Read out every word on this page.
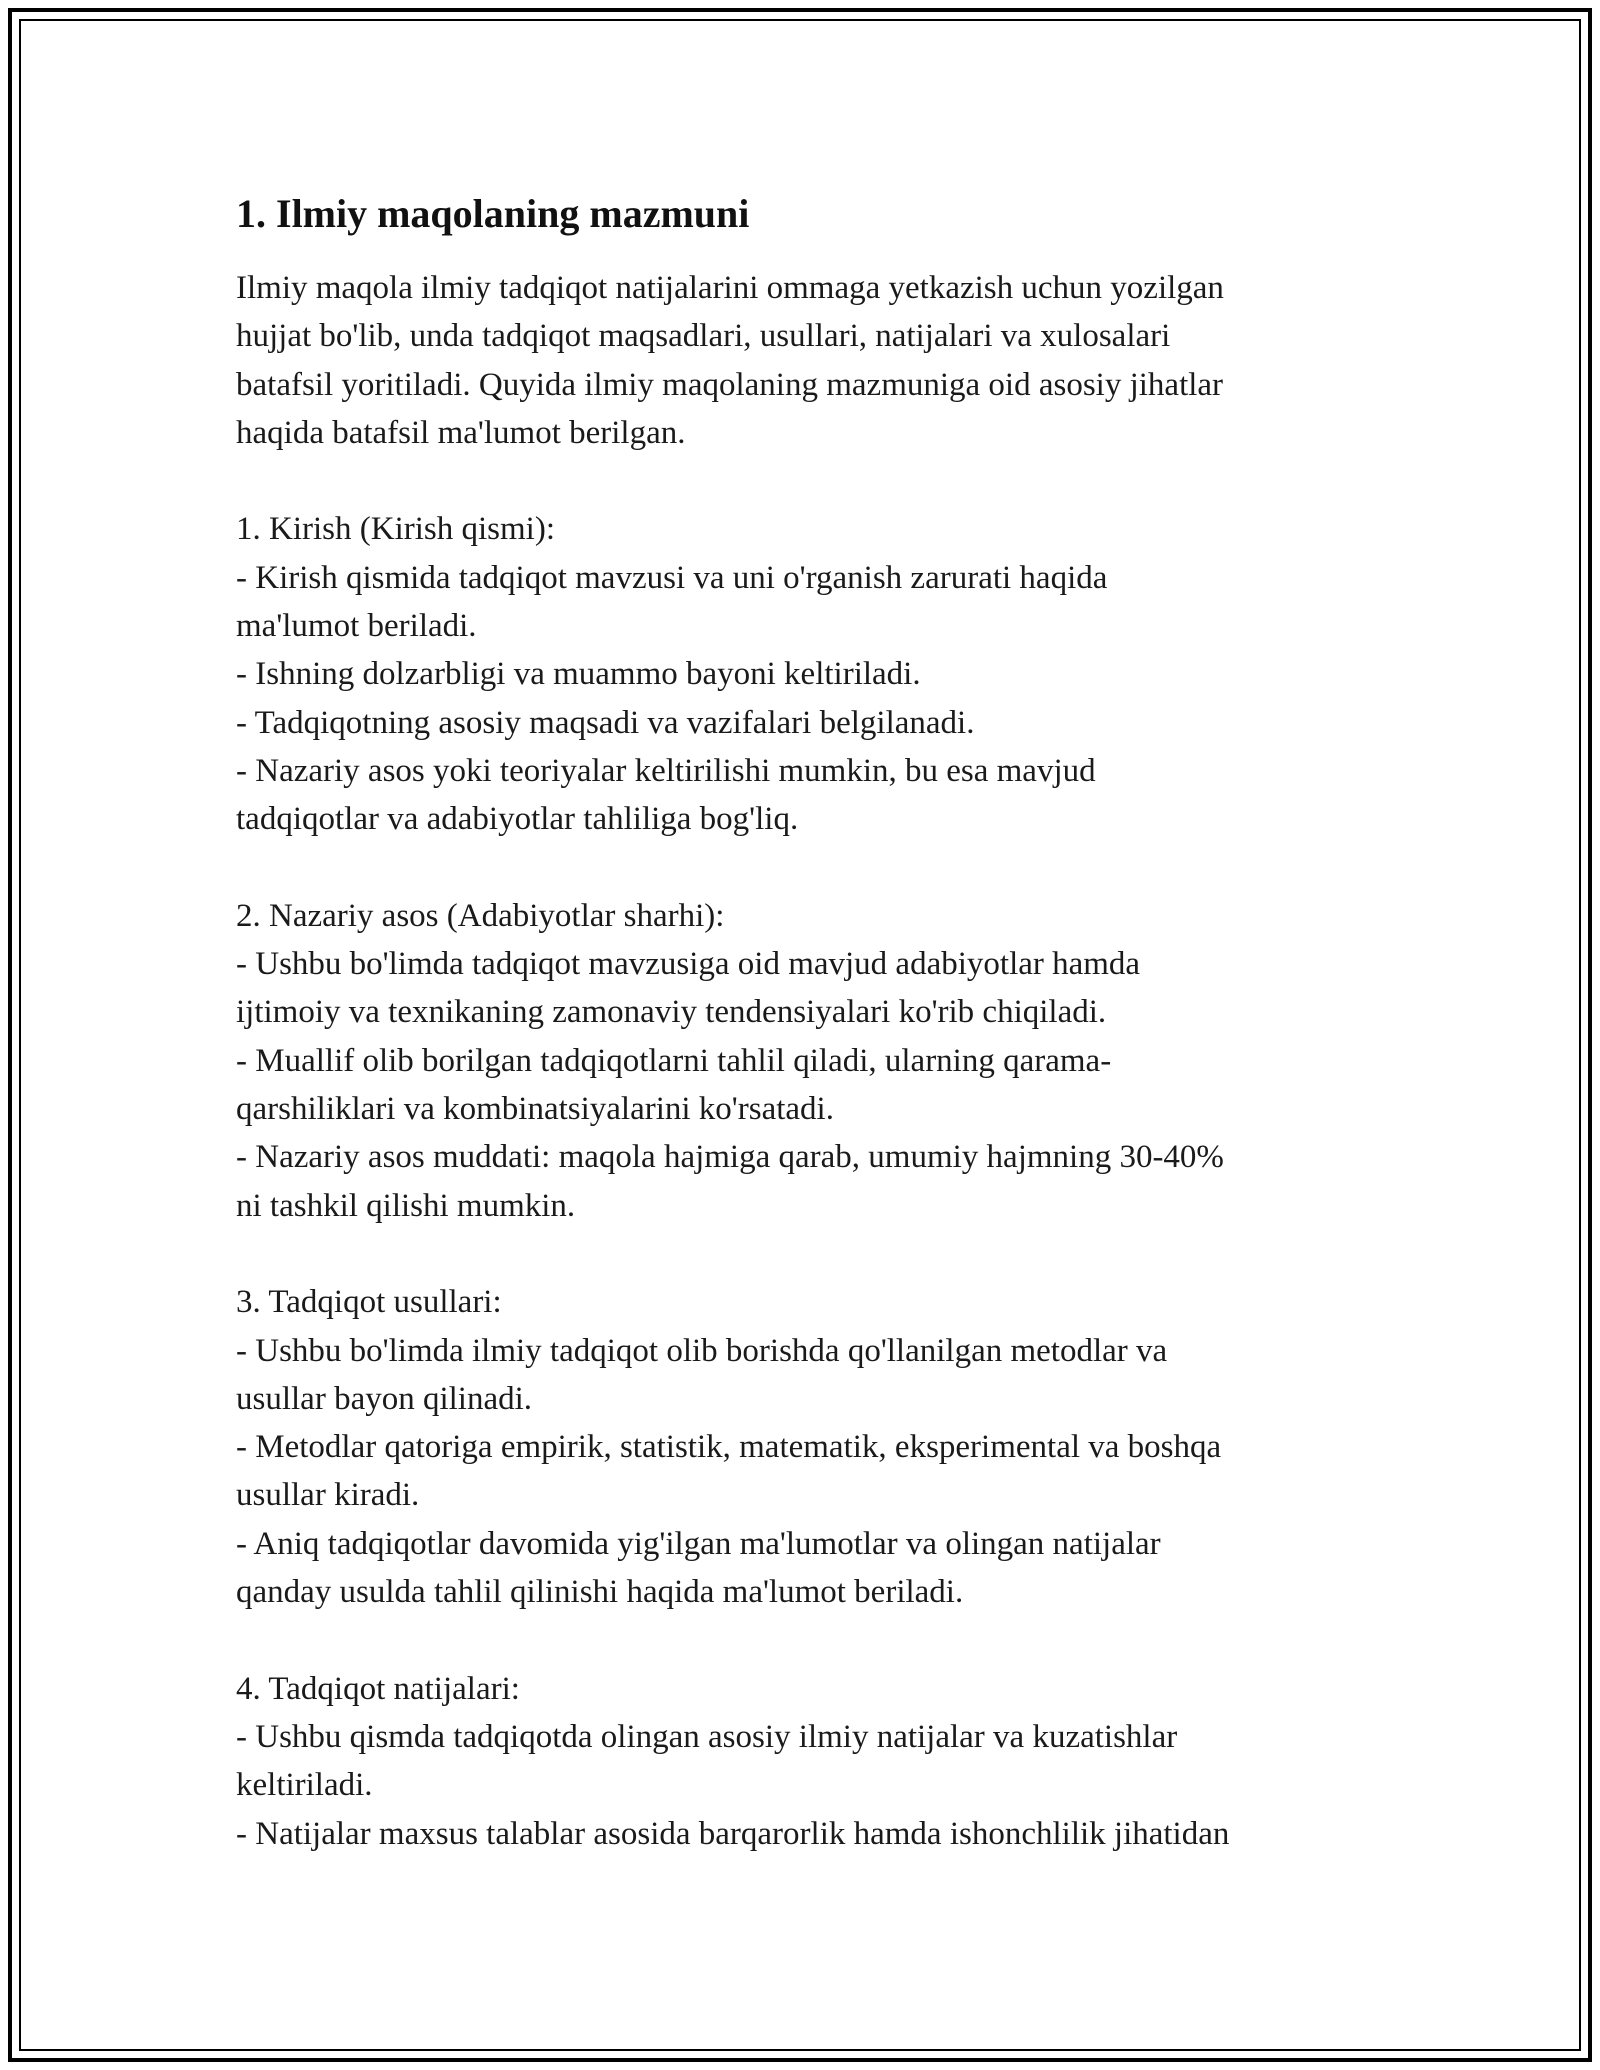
1. Ilmiy maqolaning mazmuni

Ilmiy maqola ilmiy tadqiqot natijalarini ommaga yetkazish uchun yozilgan
hujjat bo'lib, unda tadqiqot maqsadlari, usullari, natijalari va xulosalari
batafsil yoritiladi. Quyida ilmiy maqolaning mazmuniga oid asosiy jihatlar
haqida batafsil ma'lumot berilgan.

1. Kirish (Kirish qismi):
- Kirish qismida tadqiqot mavzusi va uni o'rganish zarurati haqida
ma'lumot beriladi.
- Ishning dolzarbligi va muammo bayoni keltiriladi.
- Tadqiqotning asosiy maqsadi va vazifalari belgilanadi.
- Nazariy asos yoki teoriyalar keltirilishi mumkin, bu esa mavjud
tadqiqotlar va adabiyotlar tahliliga bog'liq.

2. Nazariy asos (Adabiyotlar sharhi):
- Ushbu bo'limda tadqiqot mavzusiga oid mavjud adabiyotlar hamda
ijtimoiy va texnikaning zamonaviy tendensiyalari ko'rib chiqiladi.
- Muallif olib borilgan tadqiqotlarni tahlil qiladi, ularning qarama-
qarshiliklari va kombinatsiyalarini ko'rsatadi.
- Nazariy asos muddati: maqola hajmiga qarab, umumiy hajmning 30-40%
ni tashkil qilishi mumkin.

3. Tadqiqot usullari:
- Ushbu bo'limda ilmiy tadqiqot olib borishda qo'llanilgan metodlar va
usullar bayon qilinadi.
- Metodlar qatoriga empirik, statistik, matematik, eksperimental va boshqa
usullar kiradi.
- Aniq tadqiqotlar davomida yig'ilgan ma'lumotlar va olingan natijalar
qanday usulda tahlil qilinishi haqida ma'lumot beriladi.

4. Tadqiqot natijalari:
- Ushbu qismda tadqiqotda olingan asosiy ilmiy natijalar va kuzatishlar
keltiriladi.
- Natijalar maxsus talablar asosida barqarorlik hamda ishonchlilik jihatidan
